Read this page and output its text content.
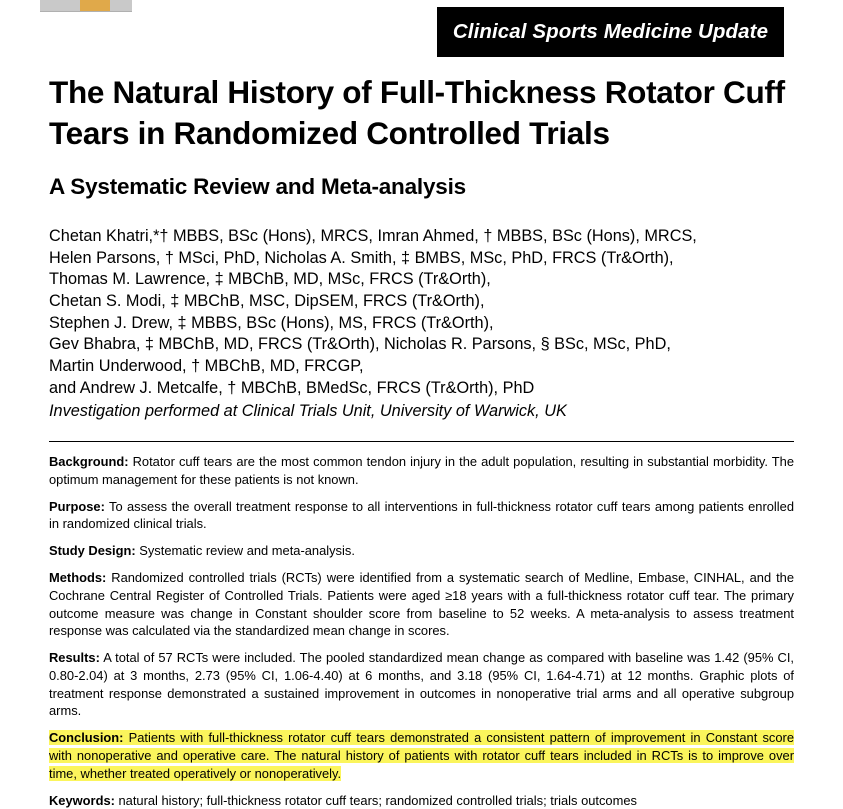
Clinical Sports Medicine Update
The Natural History of Full-Thickness Rotator Cuff Tears in Randomized Controlled Trials
A Systematic Review and Meta-analysis
Chetan Khatri,*† MBBS, BSc (Hons), MRCS, Imran Ahmed, † MBBS, BSc (Hons), MRCS,
Helen Parsons, † MSci, PhD, Nicholas A. Smith, ‡ BMBS, MSc, PhD, FRCS (Tr&Orth),
Thomas M. Lawrence, ‡ MBChB, MD, MSc, FRCS (Tr&Orth),
Chetan S. Modi, ‡ MBChB, MSC, DipSEM, FRCS (Tr&Orth),
Stephen J. Drew, ‡ MBBS, BSc (Hons), MS, FRCS (Tr&Orth),
Gev Bhabra, ‡ MBChB, MD, FRCS (Tr&Orth), Nicholas R. Parsons, § BSc, MSc, PhD,
Martin Underwood, † MBChB, MD, FRCGP,
and Andrew J. Metcalfe, † MBChB, BMedSc, FRCS (Tr&Orth), PhD
Investigation performed at Clinical Trials Unit, University of Warwick, UK

Background: Rotator cuff tears are the most common tendon injury in the adult population, resulting in substantial morbidity. The optimum management for these patients is not known.

Purpose: To assess the overall treatment response to all interventions in full-thickness rotator cuff tears among patients enrolled in randomized clinical trials.

Study Design: Systematic review and meta-analysis.

Methods: Randomized controlled trials (RCTs) were identified from a systematic search of Medline, Embase, CINHAL, and the Cochrane Central Register of Controlled Trials. Patients were aged ≥18 years with a full-thickness rotator cuff tear. The primary outcome measure was change in Constant shoulder score from baseline to 52 weeks. A meta-analysis to assess treatment response was calculated via the standardized mean change in scores.

Results: A total of 57 RCTs were included. The pooled standardized mean change as compared with baseline was 1.42 (95% CI, 0.80-2.04) at 3 months, 2.73 (95% CI, 1.06-4.40) at 6 months, and 3.18 (95% CI, 1.64-4.71) at 12 months. Graphic plots of treatment response demonstrated a sustained improvement in outcomes in nonoperative trial arms and all operative subgroup arms.

Conclusion: Patients with full-thickness rotator cuff tears demonstrated a consistent pattern of improvement in Constant score with nonoperative and operative care. The natural history of patients with rotator cuff tears included in RCTs is to improve over time, whether treated operatively or nonoperatively.

Keywords: natural history; full-thickness rotator cuff tears; randomized controlled trials; trials outcomes
